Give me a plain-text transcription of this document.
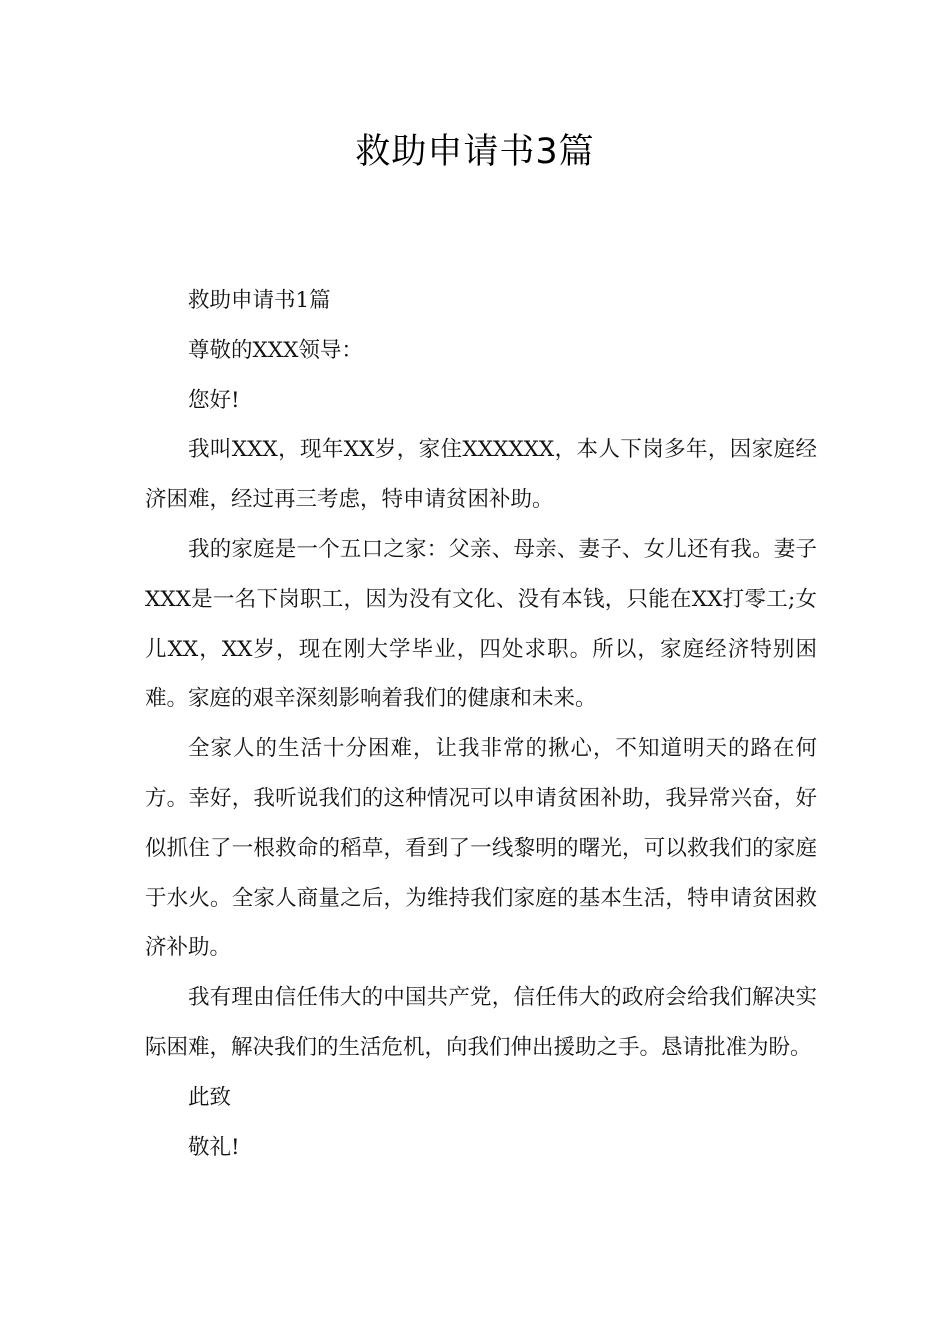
救助申请书3篇

救助申请书1篇

尊敬的XXX领导：

您好!

我叫XXX，现年XX岁，家住XXXXXX，本人下岗多年，因家庭经济困难，经过再三考虑，特申请贫困补助。

我的家庭是一个五口之家：父亲、母亲、妻子、女儿还有我。妻子XXX是一名下岗职工，因为没有文化、没有本钱，只能在XX打零工;女儿XX，XX岁，现在刚大学毕业，四处求职。所以，家庭经济特别困难。家庭的艰辛深刻影响着我们的健康和未来。

全家人的生活十分困难，让我非常的揪心，不知道明天的路在何方。幸好，我听说我们的这种情况可以申请贫困补助，我异常兴奋，好似抓住了一根救命的稻草，看到了一线黎明的曙光，可以救我们的家庭于水火。全家人商量之后，为维持我们家庭的基本生活，特申请贫困救济补助。

我有理由信任伟大的中国共产党，信任伟大的政府会给我们解决实际困难，解决我们的生活危机，向我们伸出援助之手。恳请批准为盼。

此致

敬礼!
